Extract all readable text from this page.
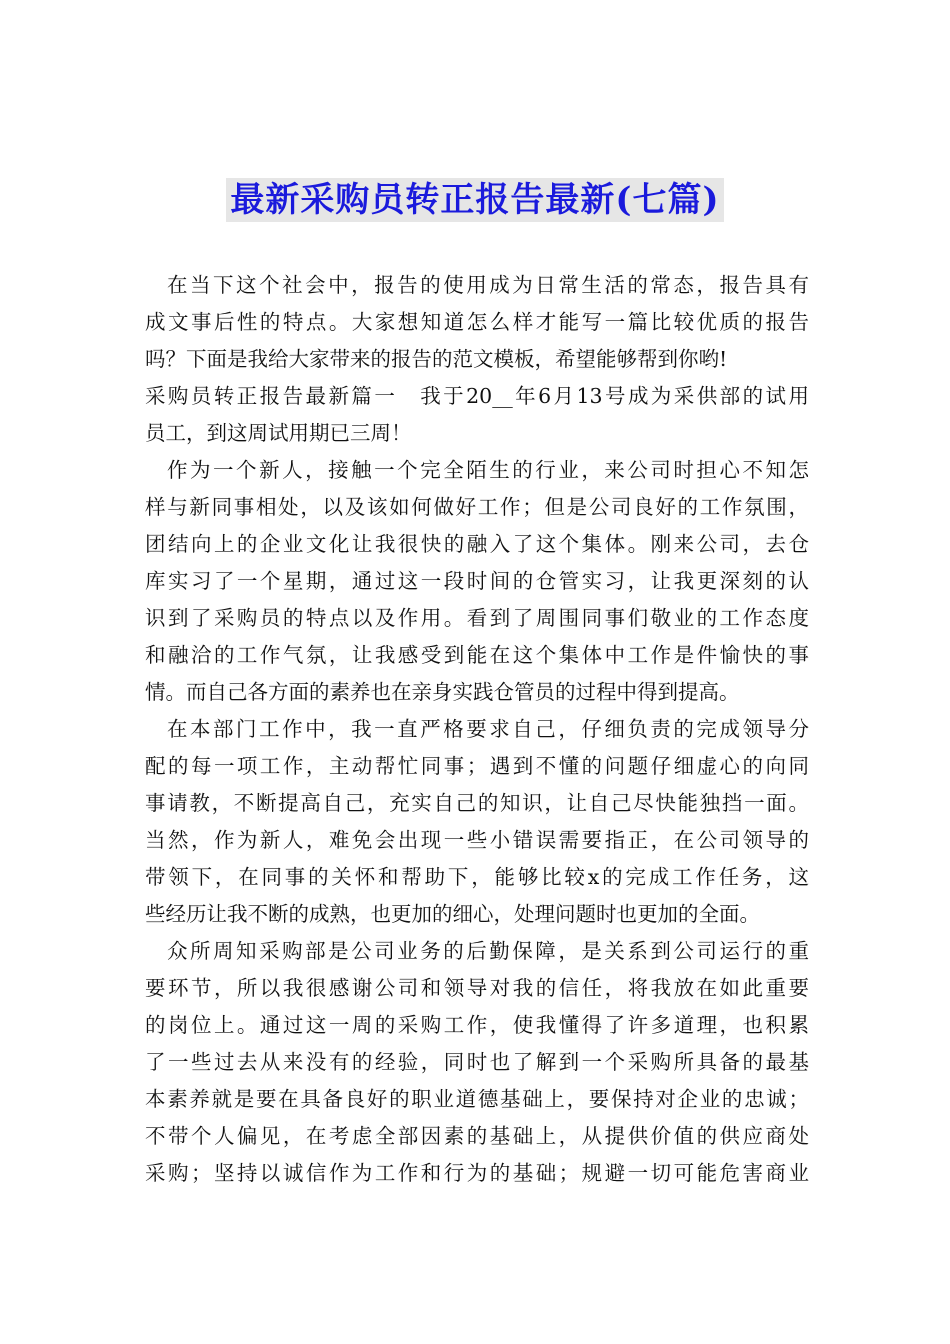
最新采购员转正报告最新(七篇)
在当下这个社会中，报告的使用成为日常生活的常态，报告具有
成文事后性的特点。大家想知道怎么样才能写一篇比较优质的报告
吗？下面是我给大家带来的报告的范文模板，希望能够帮到你哟!
采购员转正报告最新篇一　我于20__年6月13号成为采供部的试用
员工，到这周试用期已三周！
作为一个新人，接触一个完全陌生的行业，来公司时担心不知怎
样与新同事相处，以及该如何做好工作；但是公司良好的工作氛围，
团结向上的企业文化让我很快的融入了这个集体。刚来公司，去仓
库实习了一个星期，通过这一段时间的仓管实习，让我更深刻的认
识到了采购员的特点以及作用。看到了周围同事们敬业的工作态度
和融洽的工作气氛，让我感受到能在这个集体中工作是件愉快的事
情。而自己各方面的素养也在亲身实践仓管员的过程中得到提高。
在本部门工作中，我一直严格要求自己，仔细负责的完成领导分
配的每一项工作，主动帮忙同事；遇到不懂的问题仔细虚心的向同
事请教，不断提高自己，充实自己的知识，让自己尽快能独挡一面。
当然，作为新人，难免会出现一些小错误需要指正，在公司领导的
带领下，在同事的关怀和帮助下，能够比较x的完成工作任务，这
些经历让我不断的成熟，也更加的细心，处理问题时也更加的全面。
众所周知采购部是公司业务的后勤保障，是关系到公司运行的重
要环节，所以我很感谢公司和领导对我的信任，将我放在如此重要
的岗位上。通过这一周的采购工作，使我懂得了许多道理，也积累
了一些过去从来没有的经验，同时也了解到一个采购所具备的最基
本素养就是要在具备良好的职业道德基础上，要保持对企业的忠诚；
不带个人偏见，在考虑全部因素的基础上，从提供价值的供应商处
采购；坚持以诚信作为工作和行为的基础；规避一切可能危害商业
